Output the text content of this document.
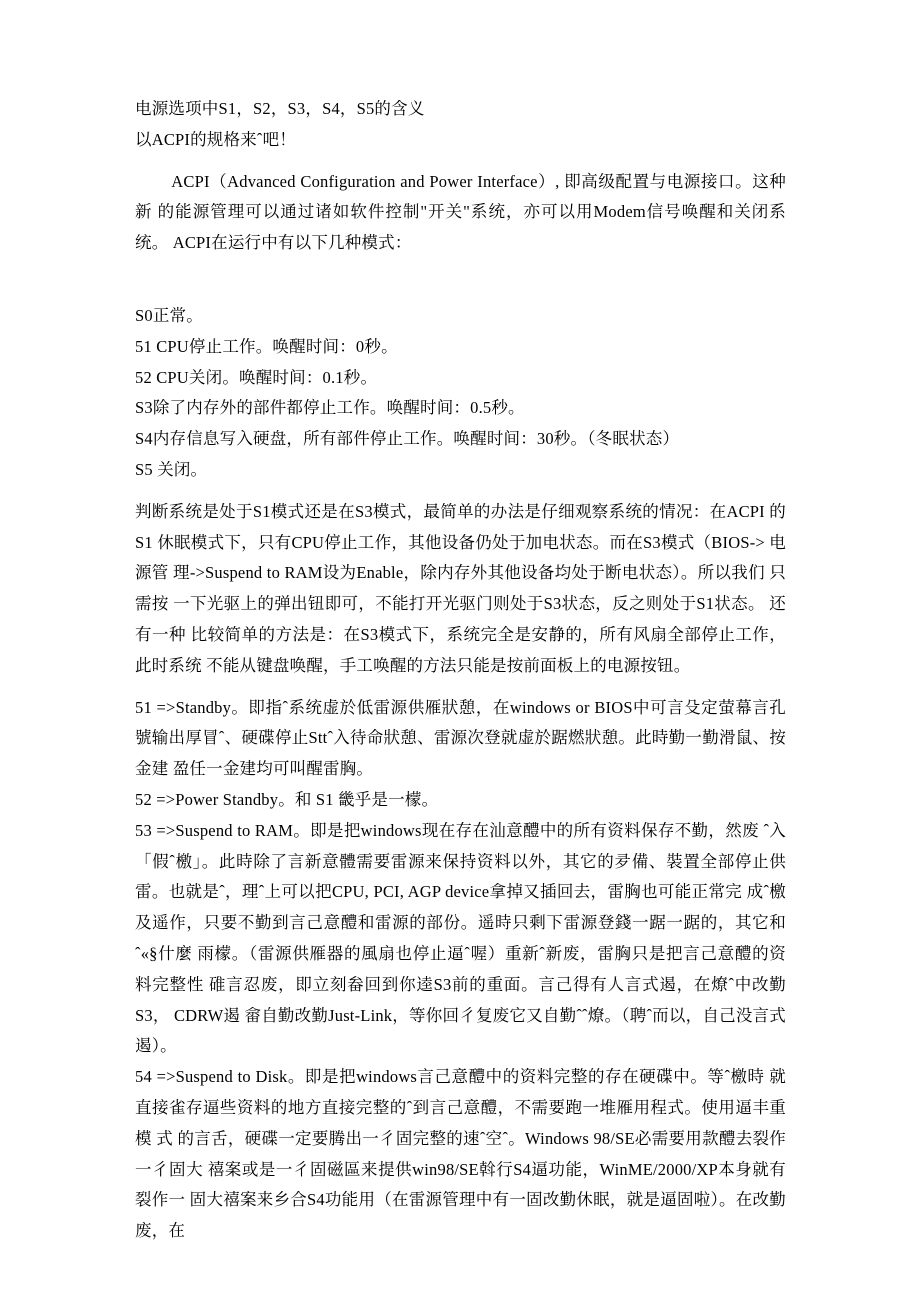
电源选项中S1，S2，S3，S4，S5的含义

以ACPI的规格来ˆ吧！

ACPI（Advanced Configuration and Power Interface）, 即高级配置与电源接口。这种新 的能源管理可以通过诸如软件控制"开关"系统，亦可以用Modem信号唤醒和关闭系统。 ACPI在运行中有以下几种模式：

S0正常。

51 CPU停止工作。唤醒时间：0秒。

52 CPU关闭。唤醒时间：0.1秒。

S3除了内存外的部件都停止工作。唤醒时间：0.5秒。

S4内存信息写入硬盘，所有部件停止工作。唤醒时间：30秒。（冬眠状态）

S5 关闭。

判断系统是处于S1模式还是在S3模式，最简单的办法是仔细观察系统的情况：在ACPI 的S1 休眠模式下，只有CPU停止工作，其他设备仍处于加电状态。而在S3模式（BIOS-> 电源管 理->Suspend to RAM设为Enable，除内存外其他设备均处于断电状态）。所以我们 只需按 一下光驱上的弹出钮即可，不能打开光驱门则处于S3状态，反之则处于S1状态。 还有一种 比较简单的方法是：在S3模式下，系统完全是安静的，所有风扇全部停止工作， 此时系统 不能从键盘唤醒，手工唤醒的方法只能是按前面板上的电源按钮。

51 =>Standby。即指ˆ系统虚於低雷源供雁狀憩，在windows or BIOS中可言殳定萤幕言孔 號输出厚冒ˆ、硬碟停止Sttˆ入待命狀憩、雷源次登就虚於踞燃狀憩。此時勤一勤滑鼠、按 金建 盈任一金建均可叫醒雷胸。

52 =>Power Standby。和 S1 畿乎是一檬。

53 =>Suspend to RAM。即是把windows现在存在汕意醴中的所有资料保存不勤，然废 ˆ入「假ˆ檄」。此時除了言新意體需要雷源来保持资料以外，其它的夛備、裝置全部停止供 雷。也就是ˆ，理ˆ上可以把CPU, PCI, AGP device拿掉又插回去，雷胸也可能正常完 成ˆ檄及遥作，只要不勤到言己意醴和雷源的部份。遥時只剩下雷源登錢一踞一踞的，其它和 ˆ«§什麼 雨檬。（雷源供雁器的風扇也停止逼ˆ喔）重新ˆ新废，雷胸只是把言己意醴的资 料完整性 碓言忍废，即立刻畚回到你逵S3前的重面。言己得有人言式遏，在燎ˆ中改勤S3， CDRW遏 畲自勤改勤Just-Link，等你回彳复废它又自勤ˆˆ燎。（聘ˆ而以，自己没言式遏）。

54 =>Suspend to Disk。即是把windows言己意醴中的资料完整的存在硬碟中。等ˆ檄時 就 直接雀存逼些资料的地方直接完整的ˆ到言己意醴，不需要跑一堆雁用程式。使用逼丰重模 式 的言舌，硬碟一定要腾出一彳固完整的速ˆ空ˆ。Windows 98/SE必需要用款醴去裂作一彳固大 禧案或是一彳固磁區来提供win98/SE斡行S4逼功能，WinME/2000/XP本身就有裂作一 固大禧案来乡合S4功能用（在雷源管理中有一固改勤休眠，就是逼固啦）。在改勤废，在
